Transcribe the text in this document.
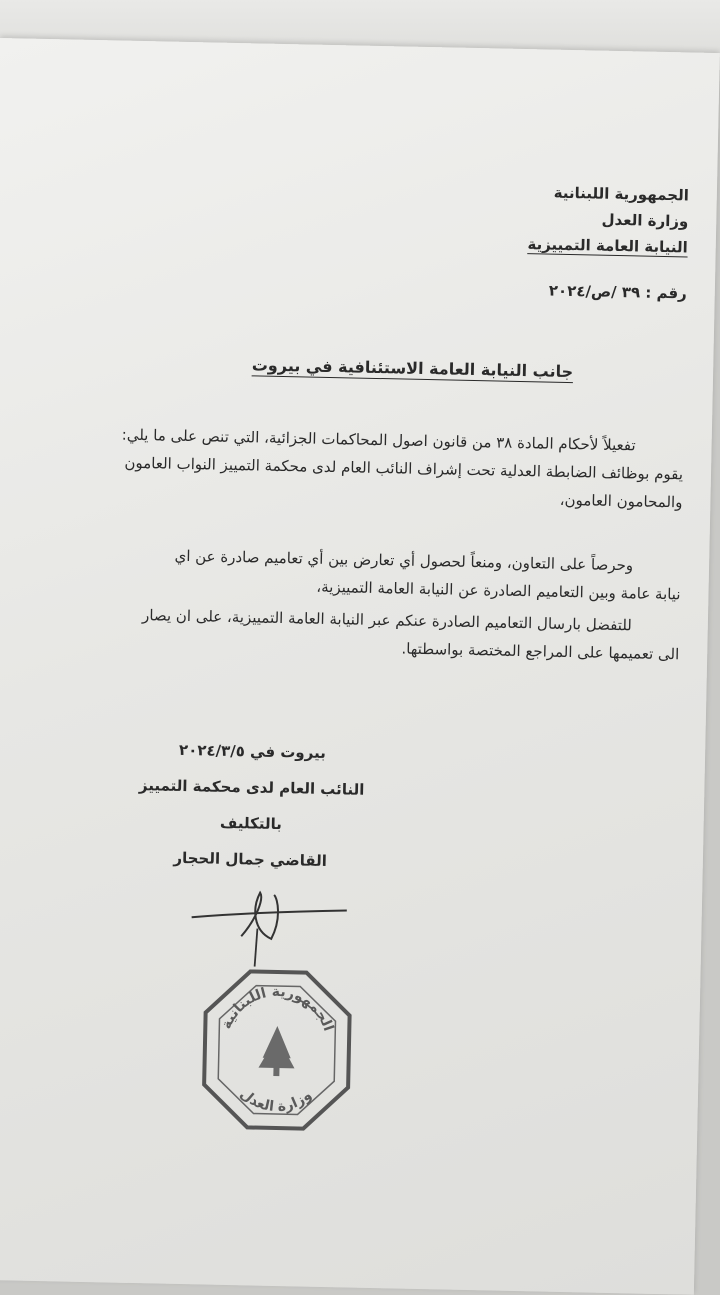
الجمهورية اللبنانية
وزارة العدل
النيابة العامة التمييزية
رقم : ٣٩ /ص/٢٠٢٤
جانب النيابة العامة الاستئنافية في بيروت
تفعيلاً لأحكام المادة ٣٨ من قانون اصول المحاكمات الجزائية، التي تنص على ما يلي:
يقوم بوظائف الضابطة العدلية تحت إشراف النائب العام لدى محكمة التمييز النواب العامون
والمحامون العامون،
وحرصاً على التعاون، ومنعاً لحصول أي تعارض بين أي تعاميم صادرة عن اي
نيابة عامة وبين التعاميم الصادرة عن النيابة العامة التمييزية،
للتفضل بارسال التعاميم الصادرة عنكم عبر النيابة العامة التمييزية، على ان يصار
الى تعميمها على المراجع المختصة بواسطتها.
بيروت في ٢٠٢٤/٣/٥
النائب العام لدى محكمة التمييز
بالتكليف
القاضي جمال الحجار
الجمهورية اللبنانية
وزارة العدل
